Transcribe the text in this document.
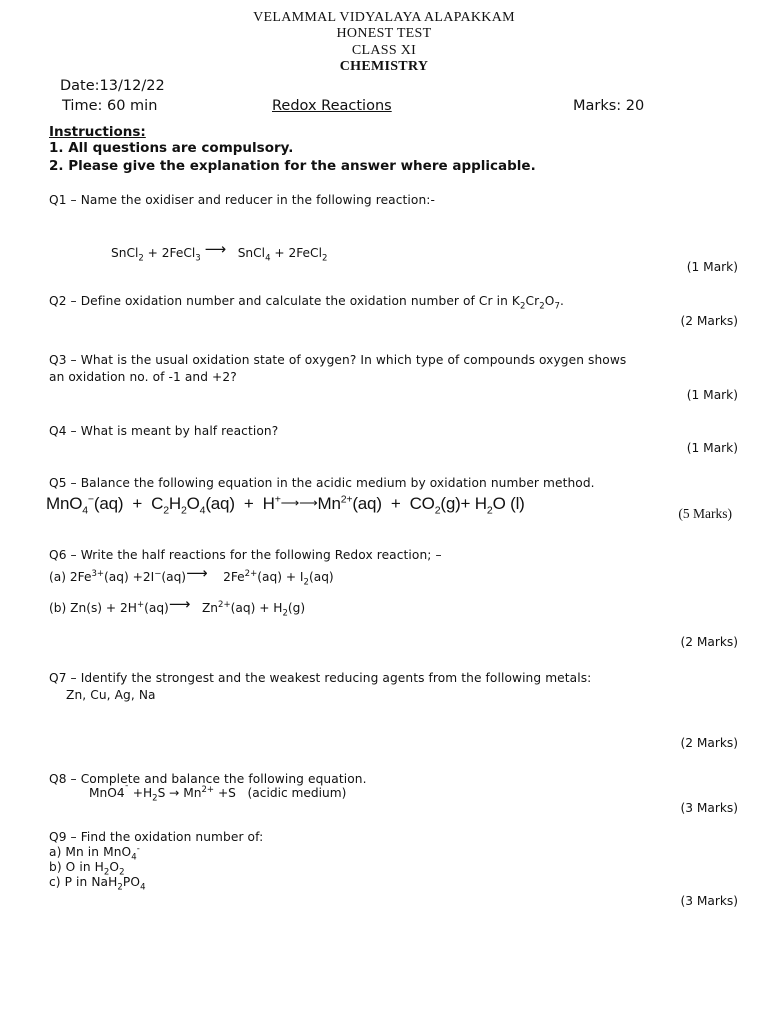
VELAMMAL VIDYALAYA ALAPAKKAM
HONEST TEST
CLASS XI
CHEMISTRY
Date:13/12/22
Time: 60 min	Redox Reactions	Marks: 20
Instructions:
1. All questions are compulsory.
2. Please give the explanation for the answer where applicable.
Q1 – Name the oxidiser and reducer in the following reaction:-
SnCl$_2$ + 2FeCl$_3$ ⟶   SnCl$_4$ + 2FeCl$_2$
(1 Mark)
Q2 – Define oxidation number and calculate the oxidation number of Cr in $K_2Cr_2O_7$.
(2 Marks)
Q3 – What is the usual oxidation state of oxygen? In which type of compounds oxygen shows
an oxidation no. of -1 and +2?
(1 Mark)
Q4 – What is meant by half reaction?
(1 Mark)
Q5 – Balance the following equation in the acidic medium by oxidation number method.
$MnO_4^-(aq) + C_2H_2O_4(aq)$  +  $H^+⟶⟶Mn^{2+}(aq) + CO_2(g)+ H_2O$ (l)
(5 Marks)
Q6 – Write the half reactions for the following Redox reaction; –
(a) $2Fe^{3+}(aq)$ +2I−(aq)⟶    $2Fe^{2+}(aq) + I_2(aq)$
(b) Zn(s) + 2H+(aq)⟶   $Zn^{2+}(aq) + H_2(g)$
(2 Marks)
Q7 – Identify the strongest and the weakest reducing agents from the following metals:
Zn, Cu, Ag, Na
(2 Marks)
Q8 – Complete and balance the following equation.
$MnO4^¯ +H_2S \to Mn^{2+} +S$   (acidic medium)
(3 Marks)
Q9 – Find the oxidation number of:
a) Mn in MnO$_4$-
b) O in $H_2O_2$
c) P in $NaH_2PO_4$
(3 Marks)
